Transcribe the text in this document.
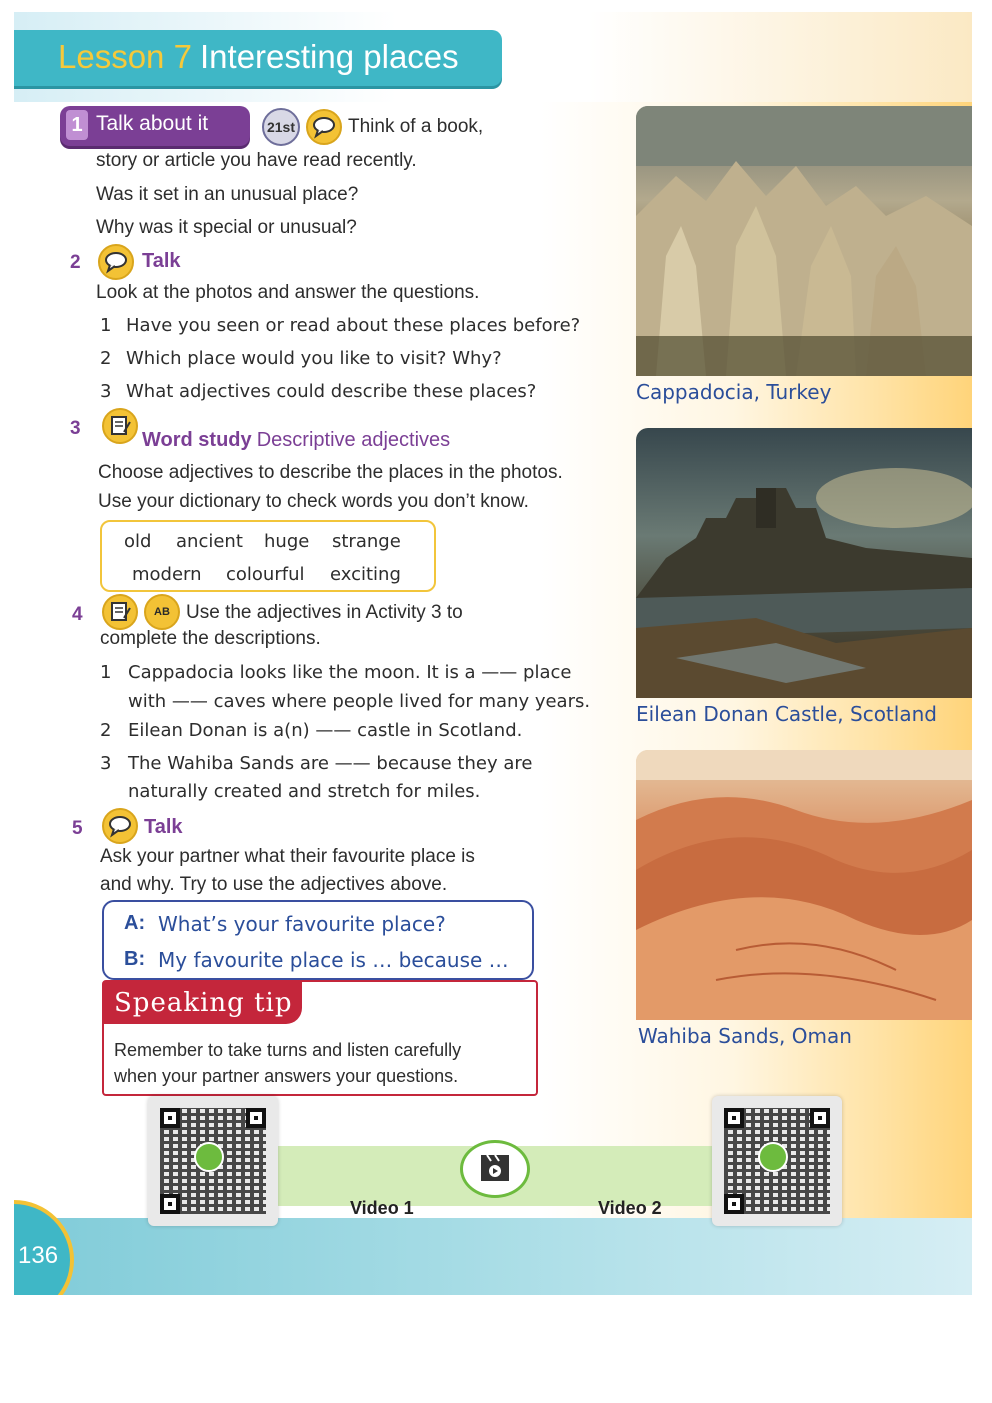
Lesson 7 Interesting places
1 Talk about it	21st	Think of a book,
story or article you have read recently.
Was it set in an unusual place?
Why was it special or unusual?
2	Talk
Look at the photos and answer the questions.
1 Have you seen or read about these places before?
2 Which place would you like to visit? Why?
3 What adjectives could describe these places?
3
Word study Descriptive adjectives
Choose adjectives to describe the places in the photos.
Use your dictionary to check words you don’t know.
old ancient huge strange
modern colourful exciting
4	AB Use the adjectives in Activity 3 to
complete the descriptions.
1 Cappadocia looks like the moon. It is a —— place
with —— caves where people lived for many years.
2 Eilean Donan is a(n) —— castle in Scotland.
3 The Wahiba Sands are —— because they are
naturally created and stretch for miles.
5	Talk
Ask your partner what their favourite place is
and why. Try to use the adjectives above.
A: What’s your favourite place?
B: My favourite place is … because …
Speaking tip
Remember to take turns and listen carefully
when your partner answers your questions.
Cappadocia, Turkey
Eilean Donan Castle, Scotland
Wahiba Sands, Oman
Video 1	Video 2
136
